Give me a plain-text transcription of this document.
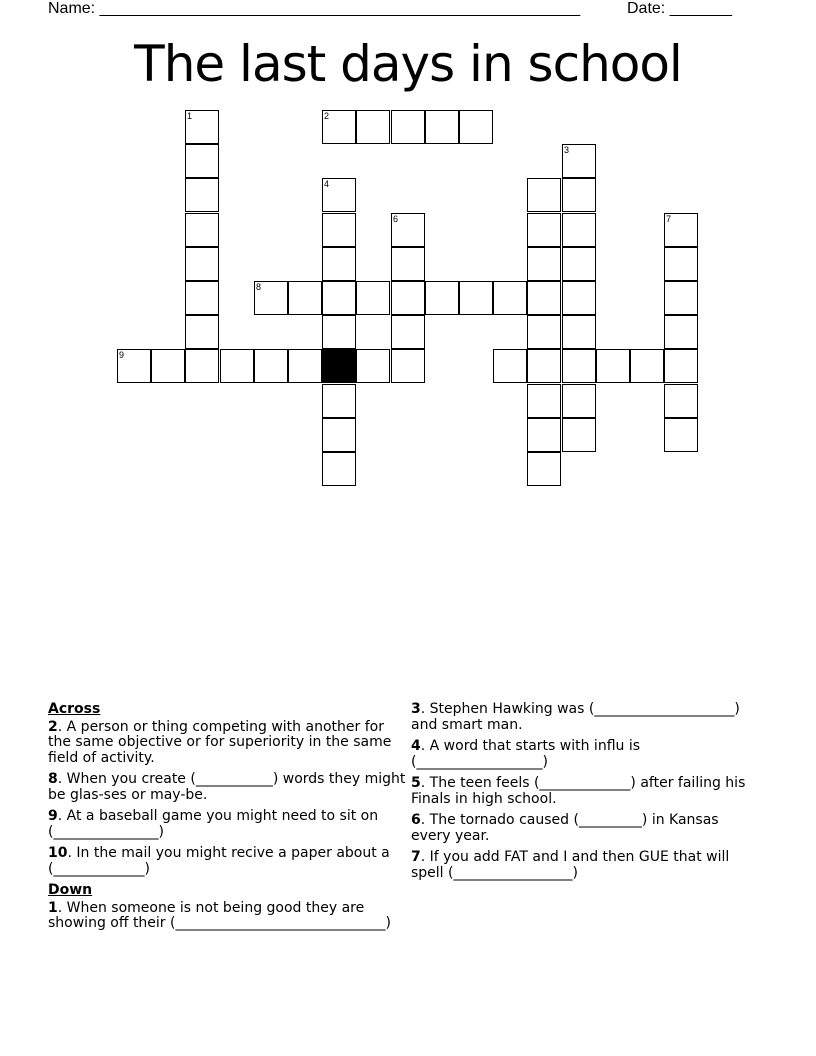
Name: ______________________________________________________	Date: _______
The last days in school
1	2
3
4
6	7
8
9
Across
2. A person or thing competing with another for the same objective or for superiority in the same field of activity.
8. When you create (___________) words they might be glas-ses or may-be.
9. At a baseball game you might need to sit on (_______________)
10. In the mail you might recive a paper about a (_____________)
Down
1. When someone is not being good they are showing off their (______________________________)
3. Stephen Hawking was (____________________) and smart man.
4. A word that starts with influ is (__________________)
5. The teen feels (_____________) after failing his Finals in high school.
6. The tornado caused (_________) in Kansas every year.
7. If you add FAT and I and then GUE that will spell (_________________)
